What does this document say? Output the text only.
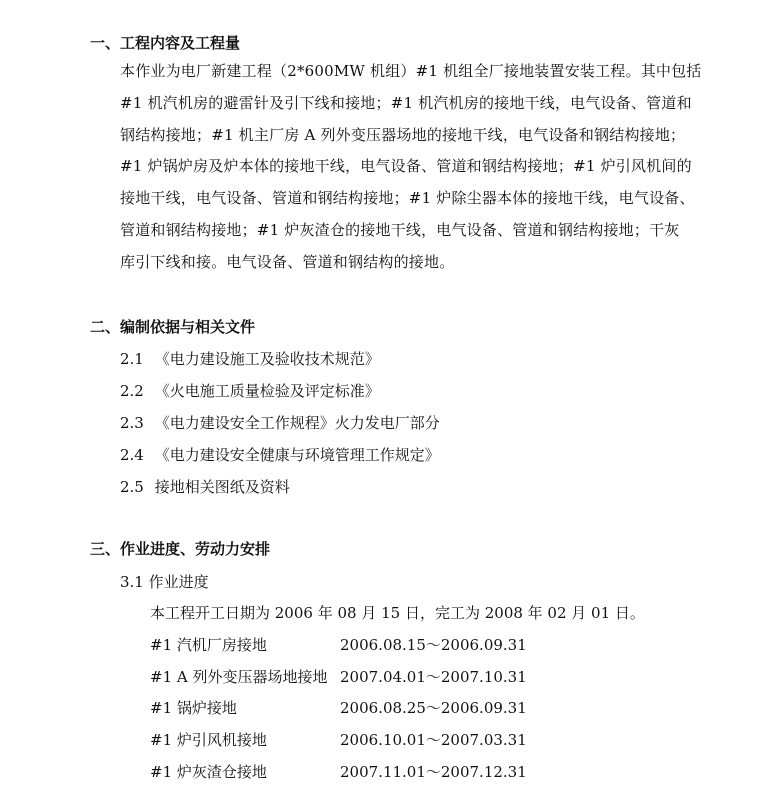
一、工程内容及工程量
本作业为电厂新建工程（2*600MW 机组）#1 机组全厂接地装置安装工程。其中包括
#1 机汽机房的避雷针及引下线和接地；#1 机汽机房的接地干线，电气设备、管道和
钢结构接地；#1 机主厂房 A 列外变压器场地的接地干线，电气设备和钢结构接地；
#1 炉锅炉房及炉本体的接地干线，电气设备、管道和钢结构接地；#1 炉引风机间的
接地干线，电气设备、管道和钢结构接地；#1 炉除尘器本体的接地干线，电气设备、
管道和钢结构接地；#1 炉灰渣仓的接地干线，电气设备、管道和钢结构接地；干灰
库引下线和接。电气设备、管道和钢结构的接地。
二、编制依据与相关文件
2.1 《电力建设施工及验收技术规范》
2.2 《火电施工质量检验及评定标准》
2.3 《电力建设安全工作规程》火力发电厂部分
2.4 《电力建设安全健康与环境管理工作规定》
2.5 接地相关图纸及资料
三、作业进度、劳动力安排
3.1 作业进度
本工程开工日期为 2006 年 08 月 15 日，完工为 2008 年 02 月 01 日。
#1 汽机厂房接地	2006.08.15～2006.09.31
#1 A 列外变压器场地接地 2007.04.01～2007.10.31
#1 锅炉接地	2006.08.25～2006.09.31
#1 炉引风机接地	2006.10.01～2007.03.31
#1 炉灰渣仓接地	2007.11.01～2007.12.31
